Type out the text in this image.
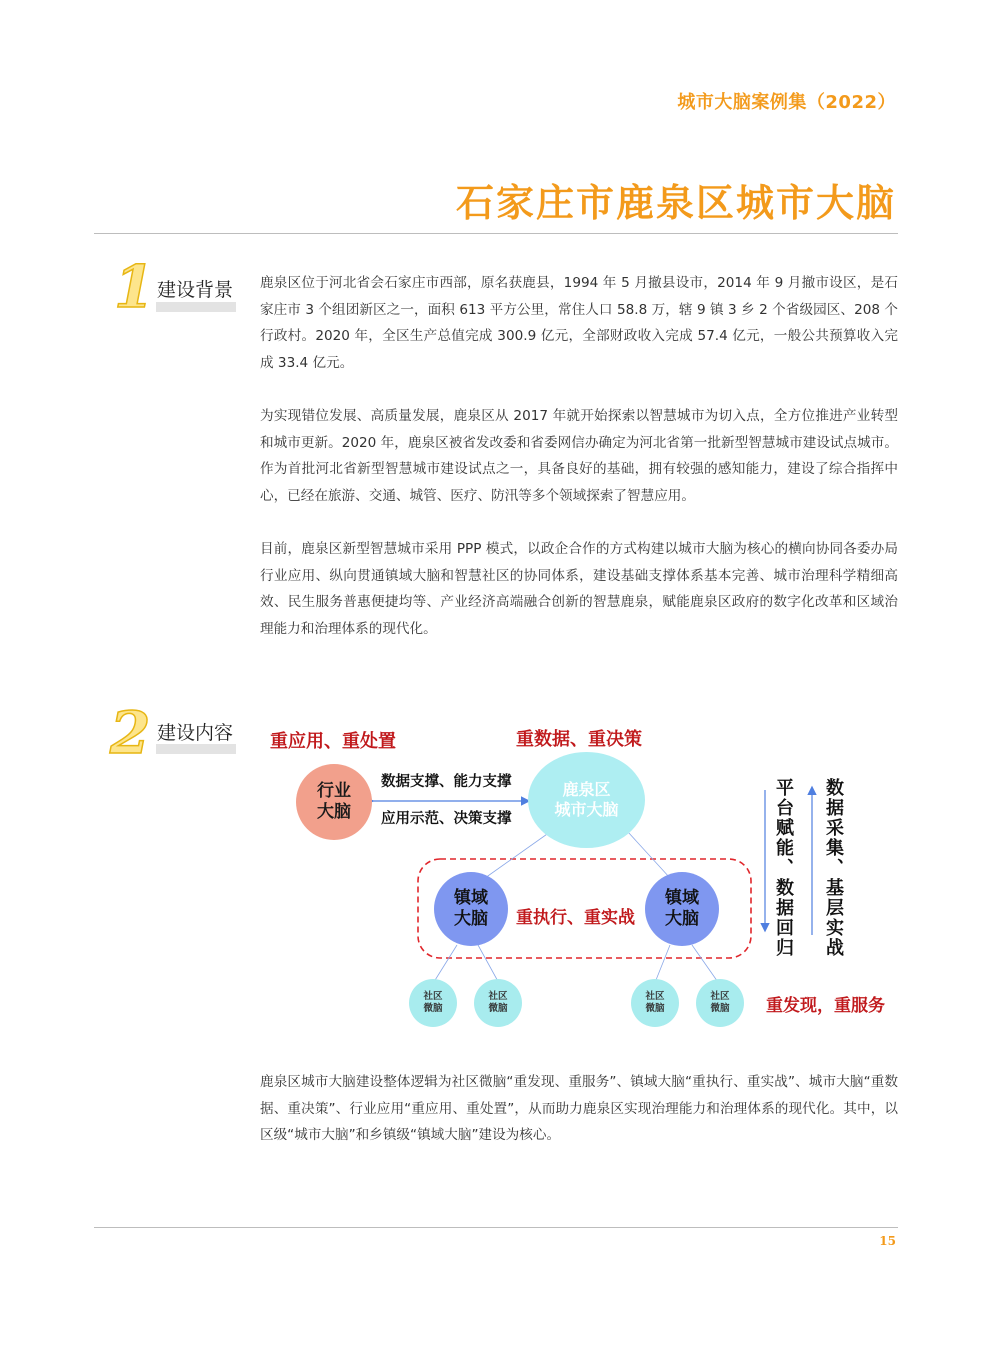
城市大脑案例集（2022）
石家庄市鹿泉区城市大脑
1 建设背景 鹿泉区位于河北省会石家庄市西部，原名获鹿县，1994 年 5 月撤县设市，2014 年 9 月撤市设区，是石家庄市 3 个组团新区之一，面积 613 平方公里，常住人口 58.8 万，辖 9 镇 3 乡 2 个省级园区、208 个行政村。2020 年，全区生产总值完成 300.9 亿元，全部财政收入完成 57.4 亿元，一般公共预算收入完成 33.4 亿元。

为实现错位发展、高质量发展，鹿泉区从 2017 年就开始探索以智慧城市为切入点，全方位推进产业转型和城市更新。2020 年，鹿泉区被省发改委和省委网信办确定为河北省第一批新型智慧城市建设试点城市。作为首批河北省新型智慧城市建设试点之一，具备良好的基础，拥有较强的感知能力，建设了综合指挥中心，已经在旅游、交通、城管、医疗、防汛等多个领域探索了智慧应用。

目前，鹿泉区新型智慧城市采用 PPP 模式，以政企合作的方式构建以城市大脑为核心的横向协同各委办局行业应用、纵向贯通镇域大脑和智慧社区的协同体系，建设基础支撑体系基本完善、城市治理科学精细高效、民生服务普惠便捷均等、产业经济高端融合创新的智慧鹿泉，赋能鹿泉区政府的数字化改革和区域治理能力和治理体系的现代化。

2 建设内容 重应用、重处置	重数据、重决策
重执行、重实战
重发现，重服务
数据支撑、能力支撑
应用示范、决策支撑
行业
大脑
鹿泉区
城市大脑
镇域
大脑
镇域
大脑
社区
微脑
社区
微脑
社区
微脑
社区
微脑
平台赋能、数据回归 数据采集、基层实战

鹿泉区城市大脑建设整体逻辑为社区微脑“重发现、重服务”、镇域大脑“重执行、重实战”、城市大脑“重数据、重决策”、行业应用“重应用、重处置”，从而助力鹿泉区实现治理能力和治理体系的现代化。其中，以区级“城市大脑”和乡镇级“镇域大脑”建设为核心。

15
